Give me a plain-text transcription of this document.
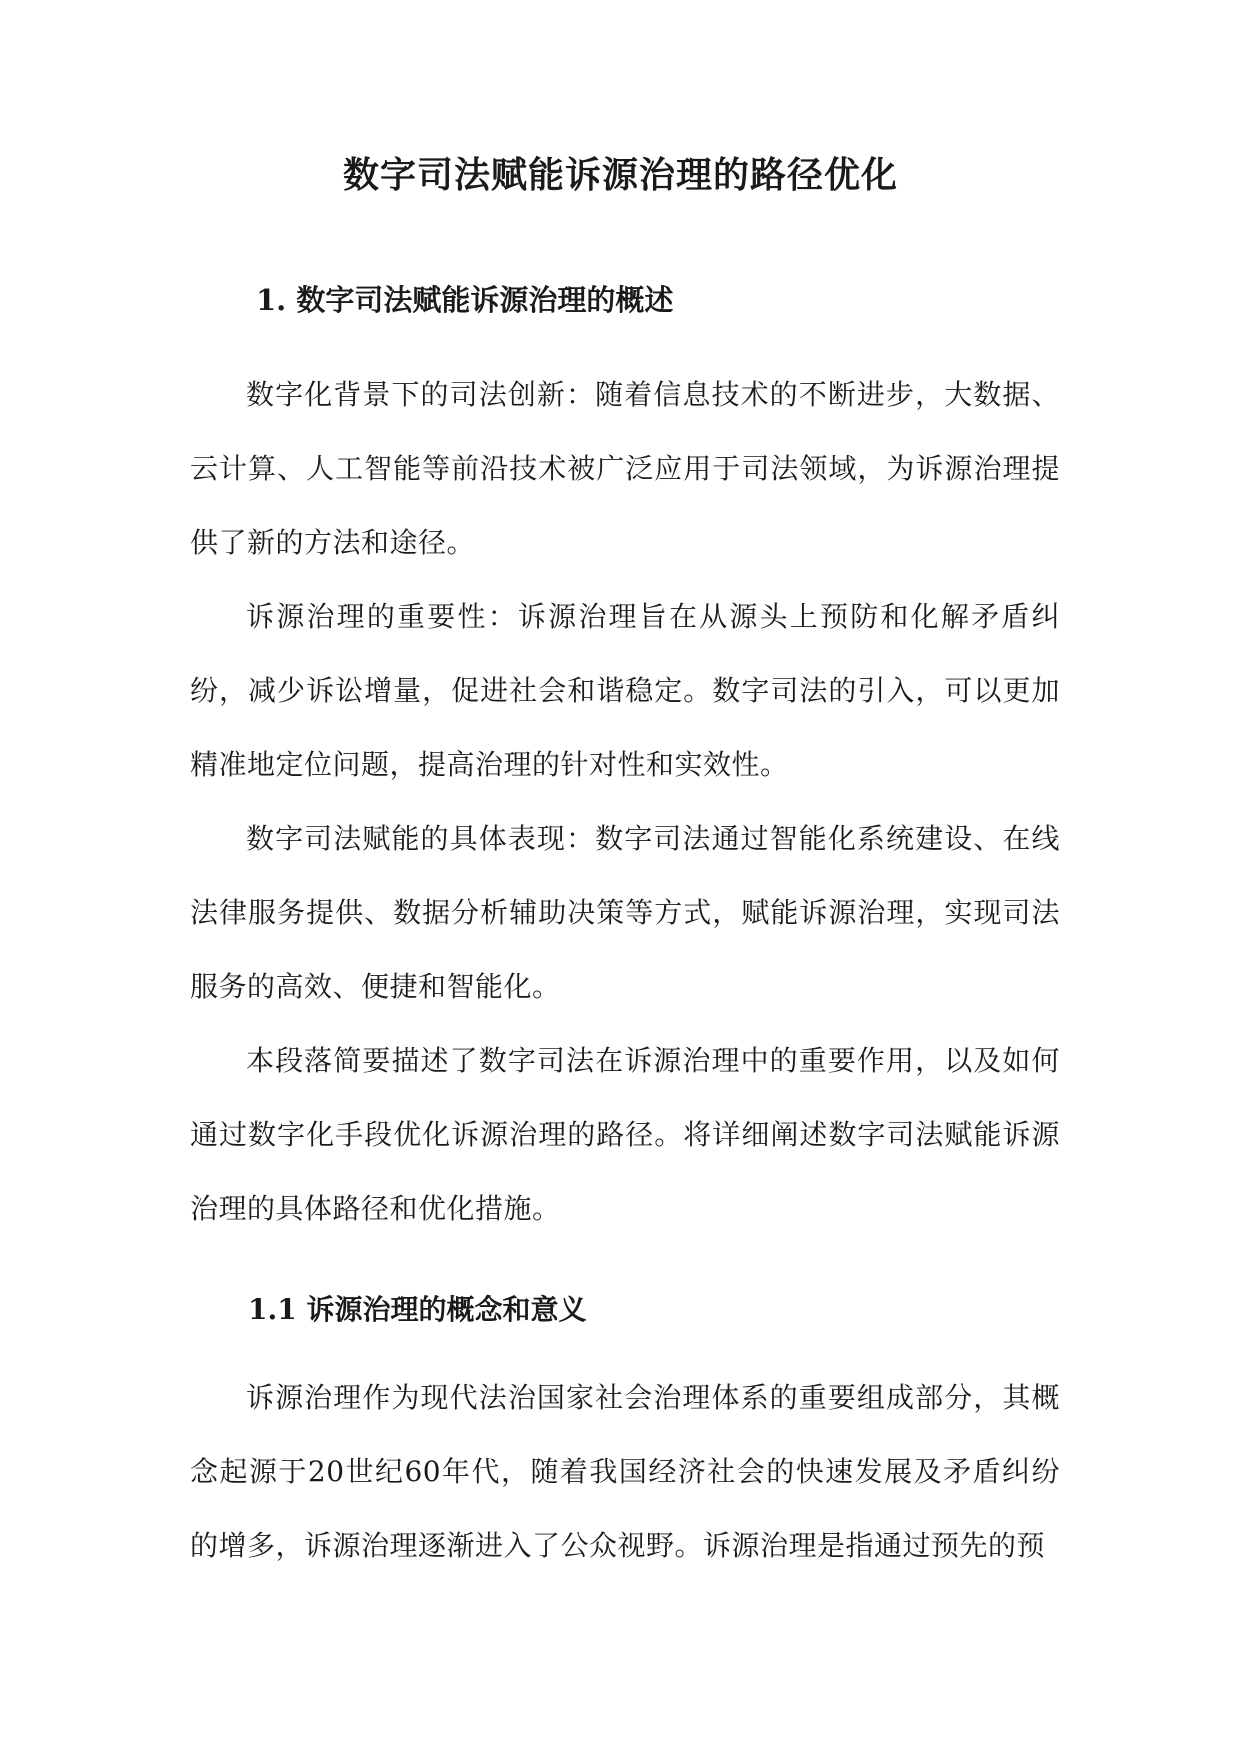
数字司法赋能诉源治理的路径优化
1. 数字司法赋能诉源治理的概述

数字化背景下的司法创新：随着信息技术的不断进步，大数据、云计算、人工智能等前沿技术被广泛应用于司法领域，为诉源治理提供了新的方法和途径。

诉源治理的重要性：诉源治理旨在从源头上预防和化解矛盾纠纷，减少诉讼增量，促进社会和谐稳定。数字司法的引入，可以更加精准地定位问题，提高治理的针对性和实效性。

数字司法赋能的具体表现：数字司法通过智能化系统建设、在线法律服务提供、数据分析辅助决策等方式，赋能诉源治理，实现司法服务的高效、便捷和智能化。

本段落简要描述了数字司法在诉源治理中的重要作用，以及如何通过数字化手段优化诉源治理的路径。将详细阐述数字司法赋能诉源治理的具体路径和优化措施。

1.1 诉源治理的概念和意义

诉源治理作为现代法治国家社会治理体系的重要组成部分，其概念起源于20世纪60年代，随着我国经济社会的快速发展及矛盾纠纷的增多，诉源治理逐渐进入了公众视野。诉源治理是指通过预先的预
